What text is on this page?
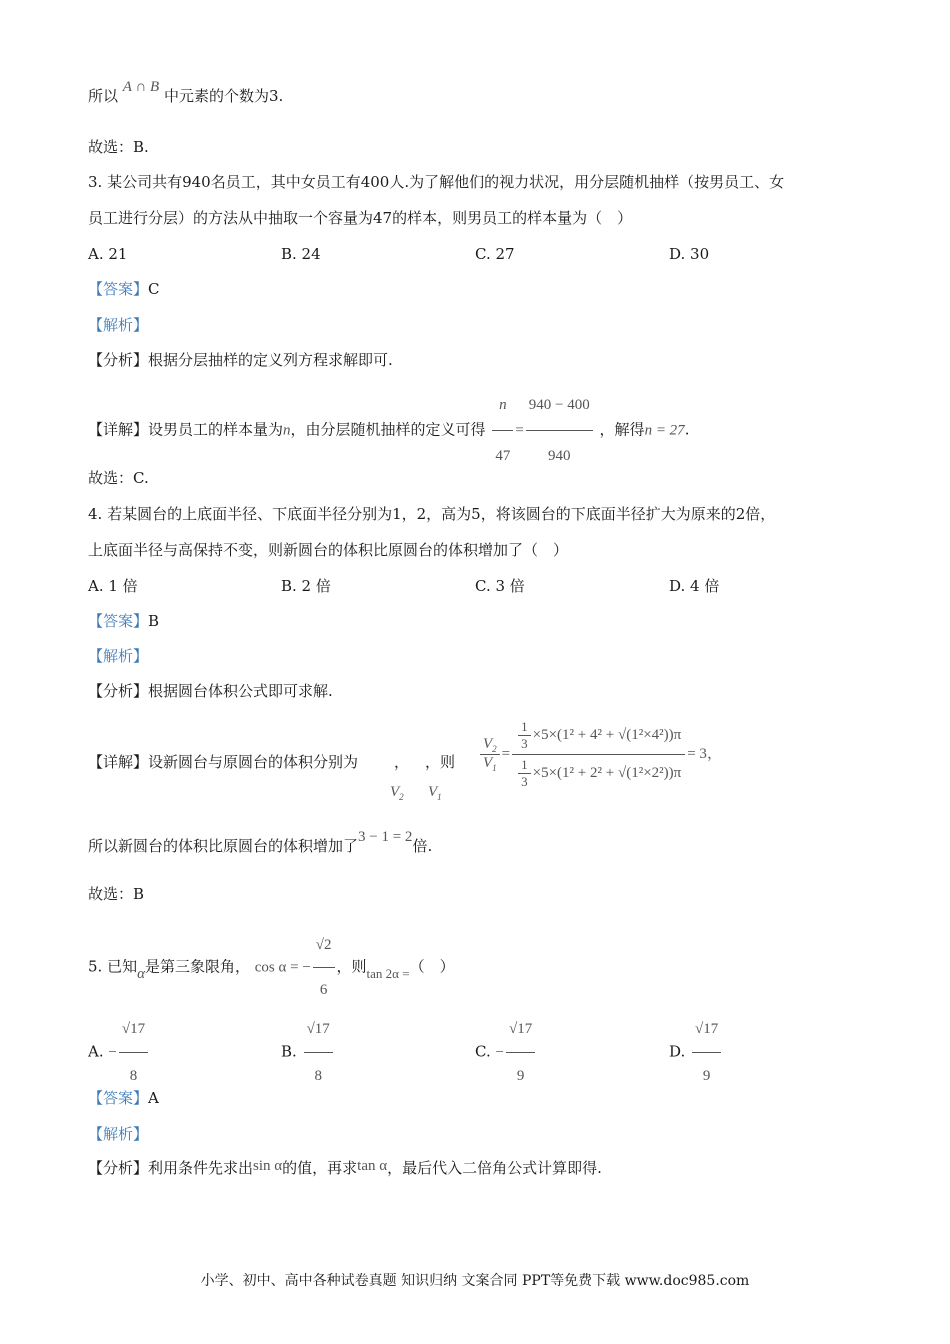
所以 A ∩ B 中元素的个数为3.
故选：B.
3. 某公司共有940名员工，其中女员工有400人.为了解他们的视力状况，用分层随机抽样（按男员工、女
员工进行分层）的方法从中抽取一个容量为47的样本，则男员工的样本量为（　）
A. 21	B. 24	C. 27	D. 30
【答案】C
【解析】
【分析】根据分层抽样的定义列方程求解即可.
【详解】设男员工的样本量为n，由分层随机抽样的定义可得 $\frac{n}{47} = \frac{940 - 400}{940}$ ，解得n = 27.
故选：C.
4. 若某圆台的上底面半径、下底面半径分别为1，2，高为5，将该圆台的下底面半径扩大为原来的2倍，
上底面半径与高保持不变，则新圆台的体积比原圆台的体积增加了（　）
A. 1 倍	B. 2 倍	C. 3 倍	D. 4 倍
【答案】B
【解析】
【分析】根据圆台体积公式即可求解.
【详解】设新圆台与原圆台的体积分别为 ， ，则
$V_2$ $V_1$
$\frac{V_2}{V_1} = \frac{\frac{1}{3} \times 5\times(1^2 + 4^2 + √(1^2\times 4^2))\pi}{\frac{1}{3} \times 5\times(1^2 + 2^2 + √(1^2\times 2^2))\pi} = 3$，
所以新圆台的体积比原圆台的体积增加了3 − 1 = 2倍.
故选：B
5. 已知α是第三象限角， cos α = − $\frac{√2}{6}$ ，则tan 2α =（　）
A. − $\frac{√17}{8}$	B. $\frac{√17}{8}$	C. − $\frac{√17}{9}$	D. $\frac{√17}{9}$
【答案】A
【解析】
【分析】利用条件先求出sin α的值，再求tan α，最后代入二倍角公式计算即得.
小学、初中、高中各种试卷真题 知识归纳 文案合同 PPT等免费下载 www.doc985.com
